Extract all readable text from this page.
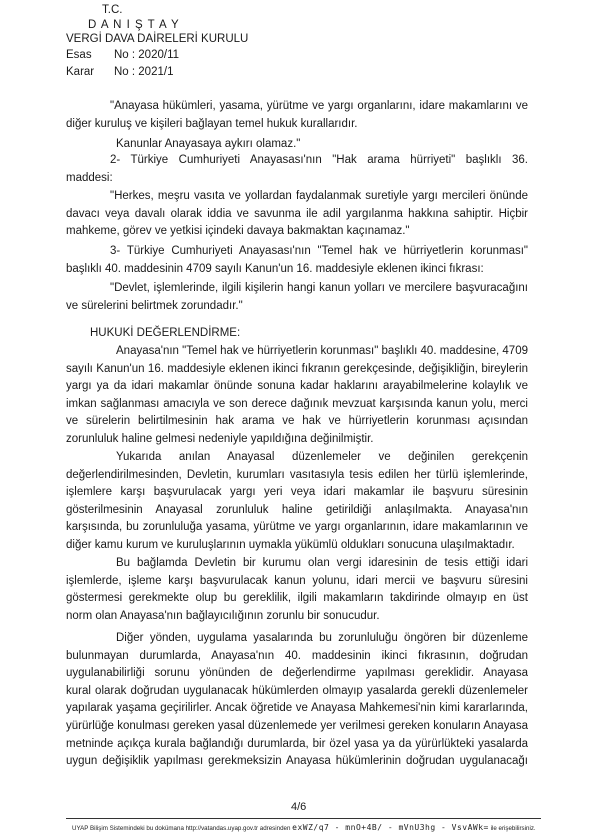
T.C.
D A N I Ş T A Y
VERGİ DAVA DAİRELERİ KURULU
Esas No : 2020/11
Karar No : 2021/1
"Anayasa hükümleri, yasama, yürütme ve yargı organlarını, idare makamlarını ve
diğer kuruluş ve kişileri bağlayan temel hukuk kurallarıdır.
Kanunlar Anayasaya aykırı olamaz."
2- Türkiye Cumhuriyeti Anayasası'nın "Hak arama hürriyeti" başlıklı 36.
maddesi:
"Herkes, meşru vasıta ve yollardan faydalanmak suretiyle yargı mercileri önünde
davacı veya davalı olarak iddia ve savunma ile adil yargılanma hakkına sahiptir. Hiçbir
mahkeme, görev ve yetkisi içindeki davaya bakmaktan kaçınamaz."
3- Türkiye Cumhuriyeti Anayasası'nın "Temel hak ve hürriyetlerin korunması"
başlıklı 40. maddesinin 4709 sayılı Kanun'un 16. maddesiyle eklenen ikinci fıkrası:
"Devlet, işlemlerinde, ilgili kişilerin hangi kanun yolları ve mercilere başvuracağını
ve sürelerini belirtmek zorundadır."
HUKUKİ DEĞERLENDİRME:
Anayasa'nın "Temel hak ve hürriyetlerin korunması" başlıklı 40. maddesine, 4709
sayılı Kanun'un 16. maddesiyle eklenen ikinci fıkranın gerekçesinde, değişikliğin, bireylerin
yargı ya da idari makamlar önünde sonuna kadar haklarını arayabilmelerine kolaylık ve
imkan sağlanması amacıyla ve son derece dağınık mevzuat karşısında kanun yolu, merci
ve sürelerin belirtilmesinin hak arama ve hak ve hürriyetlerin korunması açısından
zorunluluk haline gelmesi nedeniyle yapıldığına değinilmiştir.
Yukarıda anılan Anayasal düzenlemeler ve değinilen gerekçenin
değerlendirilmesinden, Devletin, kurumları vasıtasıyla tesis edilen her türlü işlemlerinde,
işlemlere karşı başvurulacak yargı yeri veya idari makamlar ile başvuru süresinin
gösterilmesinin Anayasal zorunluluk haline getirildiği anlaşılmakta. Anayasa'nın
karşısında, bu zorunluluğa yasama, yürütme ve yargı organlarının, idare makamlarının ve
diğer kamu kurum ve kuruluşlarının uymakla yükümlü oldukları sonucuna ulaşılmaktadır.
Bu bağlamda Devletin bir kurumu olan vergi idaresinin de tesis ettiği idari
işlemlerde, işleme karşı başvurulacak kanun yolunu, idari mercii ve başvuru süresini
göstermesi gerekmekte olup bu gereklilik, ilgili makamların takdirinde olmayıp en üst
norm olan Anayasa'nın bağlayıcılığının zorunlu bir sonucudur.
Diğer yönden, uygulama yasalarında bu zorunluluğu öngören bir düzenleme
bulunmayan durumlarda, Anayasa'nın 40. maddesinin ikinci fıkrasının, doğrudan
uygulanabilirliği sorunu yönünden de değerlendirme yapılması gereklidir. Anayasa
kural olarak doğrudan uygulanacak hükümlerden olmayıp yasalarda gerekli düzenlemeler
yapılarak yaşama geçirilirler. Ancak öğretide ve Anayasa Mahkemesi'nin kimi kararlarında,
yürürlüğe konulması gereken yasal düzenlemede yer verilmesi gereken konuların Anayasa
metninde açıkça kurala bağlandığı durumlarda, bir özel yasa ya da yürürlükteki yasalarda
uygun değişiklik yapılması gerekmeksizin Anayasa hükümlerinin doğrudan uygulanacağı
4/6
UYAP Bilişim Sistemindeki bu dokümana http://vatandas.uyap.gov.tr adresinden exWZ/q7 - mnO+4B/ - mVnU3hg - VsvAWk= ile erişebilirsiniz.
